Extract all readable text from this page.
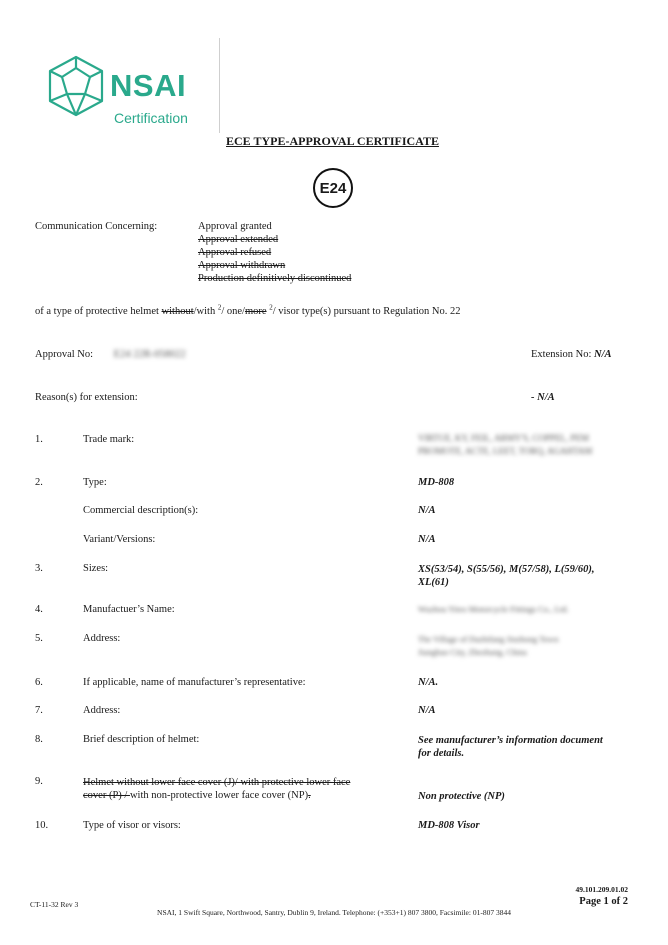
NSAI
Certification
ECE TYPE-APPROVAL CERTIFICATE
E24
Communication Concerning:	Approval granted
Approval extended
Approval refused
Approval withdrawn
Production definitively discontinued
of a type of protective helmet without/with $^2$/ one/more $^2$/ visor type(s) pursuant to Regulation No. 22
Approval No: E24 22R-058022	Extension No: N/A
Reason(s) for extension:	- N/A
1.	Trade mark:	VIRTUE, KY, FEIL, ARMY'S, COPPEL, PEM
PROMOTE, ACTE, LEET, TORQ, AGAHTAM
2.	Type:	MD-808
Commercial description(s):	N/A
Variant/Versions:	N/A
3.	Sizes:	XS(53/54), S(55/56), M(57/58), L(59/60),
XL(61)
4.	Manufactuer’s Name:	Wuzhou Yiteo Motorcycle Fittings Co., Ltd.
5.	Address:	The Village of Dazhifang Jinzhong Town
Jiangbao City, Zhezhang, China
6.	If applicable, name of manufacturer’s representative:	N/A.
7.	Address:	N/A
8.	Brief description of helmet:	See manufacturer’s information document
for details.
9.	Helmet without lower face cover (J)/ with protective lower face
cover (P) / with non-protective lower face cover (NP).	Non protective (NP)
10.	Type of visor or visors:	MD-808 Visor
CT-11-32 Rev 3
49.101.209.01.02
Page 1 of 2
NSAI, 1 Swift Square, Northwood, Santry, Dublin 9, Ireland. Telephone: (+353+1) 807 3800, Facsimile: 01-807 3844
